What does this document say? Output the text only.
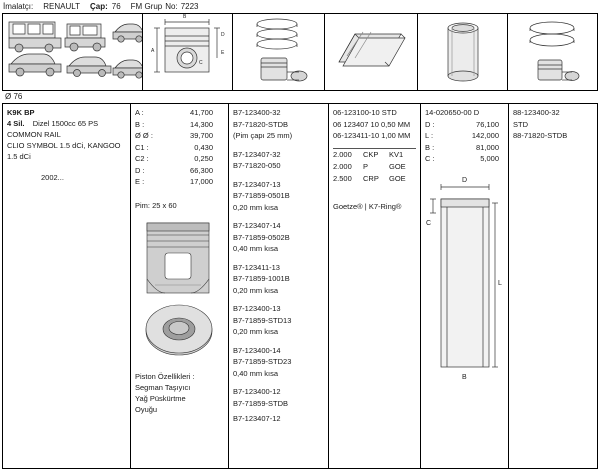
İmalatçı: RENAULT Çap: 76 FM Grup No: 7223
B
A
D
E
C
Ø 76
K9K BP
4 Sil. Dizel 1500cc 65 PS
COMMON RAIL
CLIO SYMBOL 1.5 dCi, KANGOO
1.5 dCi
2002...
A :	41,700
B :	14,300
Ø Ø :	39,700
C1 :	0,430
C2 :	0,250
D :	66,300
E :	17,000
Pim: 25 x 60
Piston Özellikleri :
Segman Taşıyıcı
Yağ Püskürtme
Oyuğu
B7-123400-32
B7-71820-STDB
(Pim çapı 25 mm)
B7-123407-32
B7-71820-050
B7-123407-13
B7-71859-0501B
0,20 mm kısa
B7-123407-14
B7-71859-0502B
0,40 mm kısa
B7-123411-13
B7-71859-1001B
0,20 mm kısa
B7-123400-13
B7-71859-STD13
0,20 mm kısa
B7-123400-14
B7-71859-STD23
0,40 mm kısa
B7-123400-12
B7-71859-STDB
B7-123407-12
06-123100-10 STD
06 123407 10 0,50 MM
06-123411-10 1,00 MM
2.000	CKP	KV1
2.000	P	GOE
2.500	CRP	GOE
Goetze® | K7-Ring®
14-020650-00 D
D :	76,100
L :	142,000
B :	81,000
C :	5,000
D
L
C
B
88-123400-32
STD
88-71820-STDB
